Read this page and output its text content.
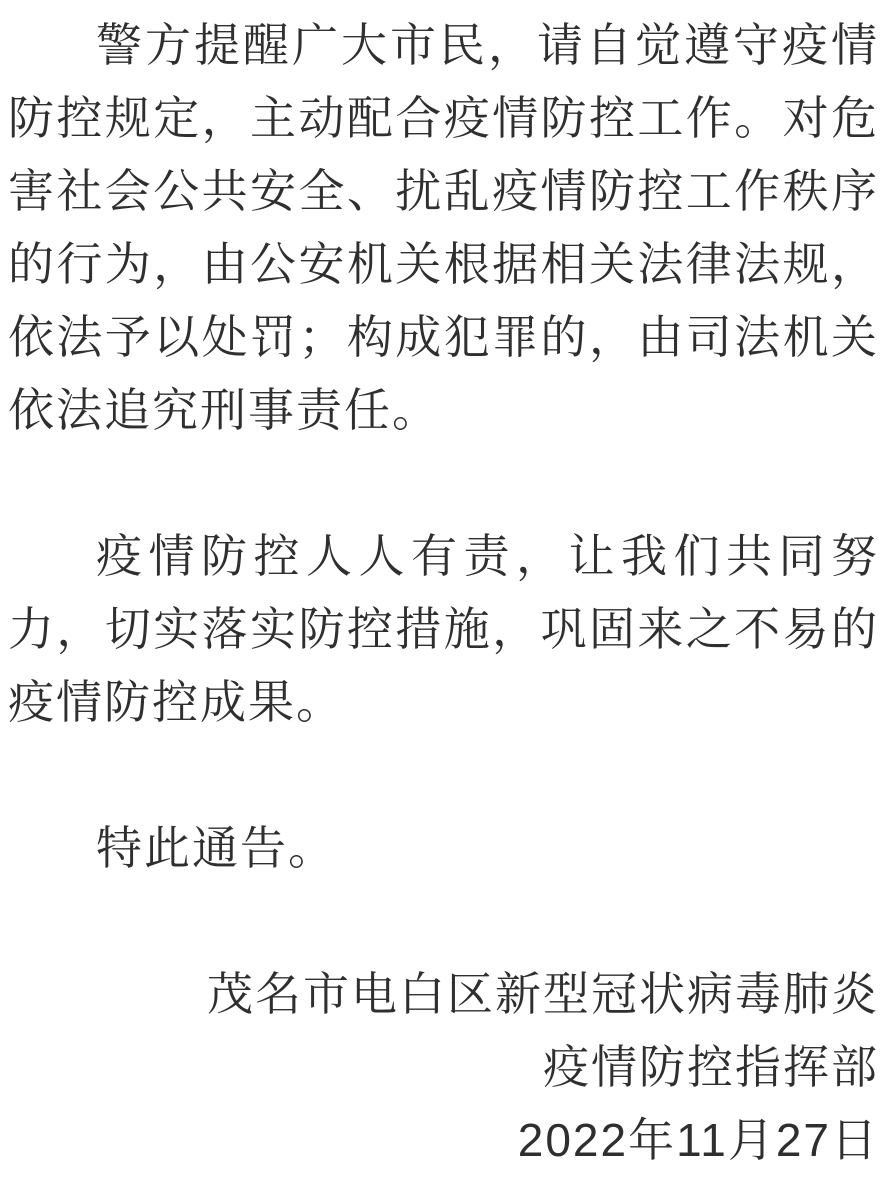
警方提醒广大市民，请自觉遵守疫情
防控规定，主动配合疫情防控工作。对危
害社会公共安全、扰乱疫情防控工作秩序
的行为，由公安机关根据相关法律法规，
依法予以处罚；构成犯罪的，由司法机关
依法追究刑事责任。
疫情防控人人有责，让我们共同努
力，切实落实防控措施，巩固来之不易的
疫情防控成果。
特此通告。
茂名市电白区新型冠状病毒肺炎
疫情防控指挥部
2022年11月27日
